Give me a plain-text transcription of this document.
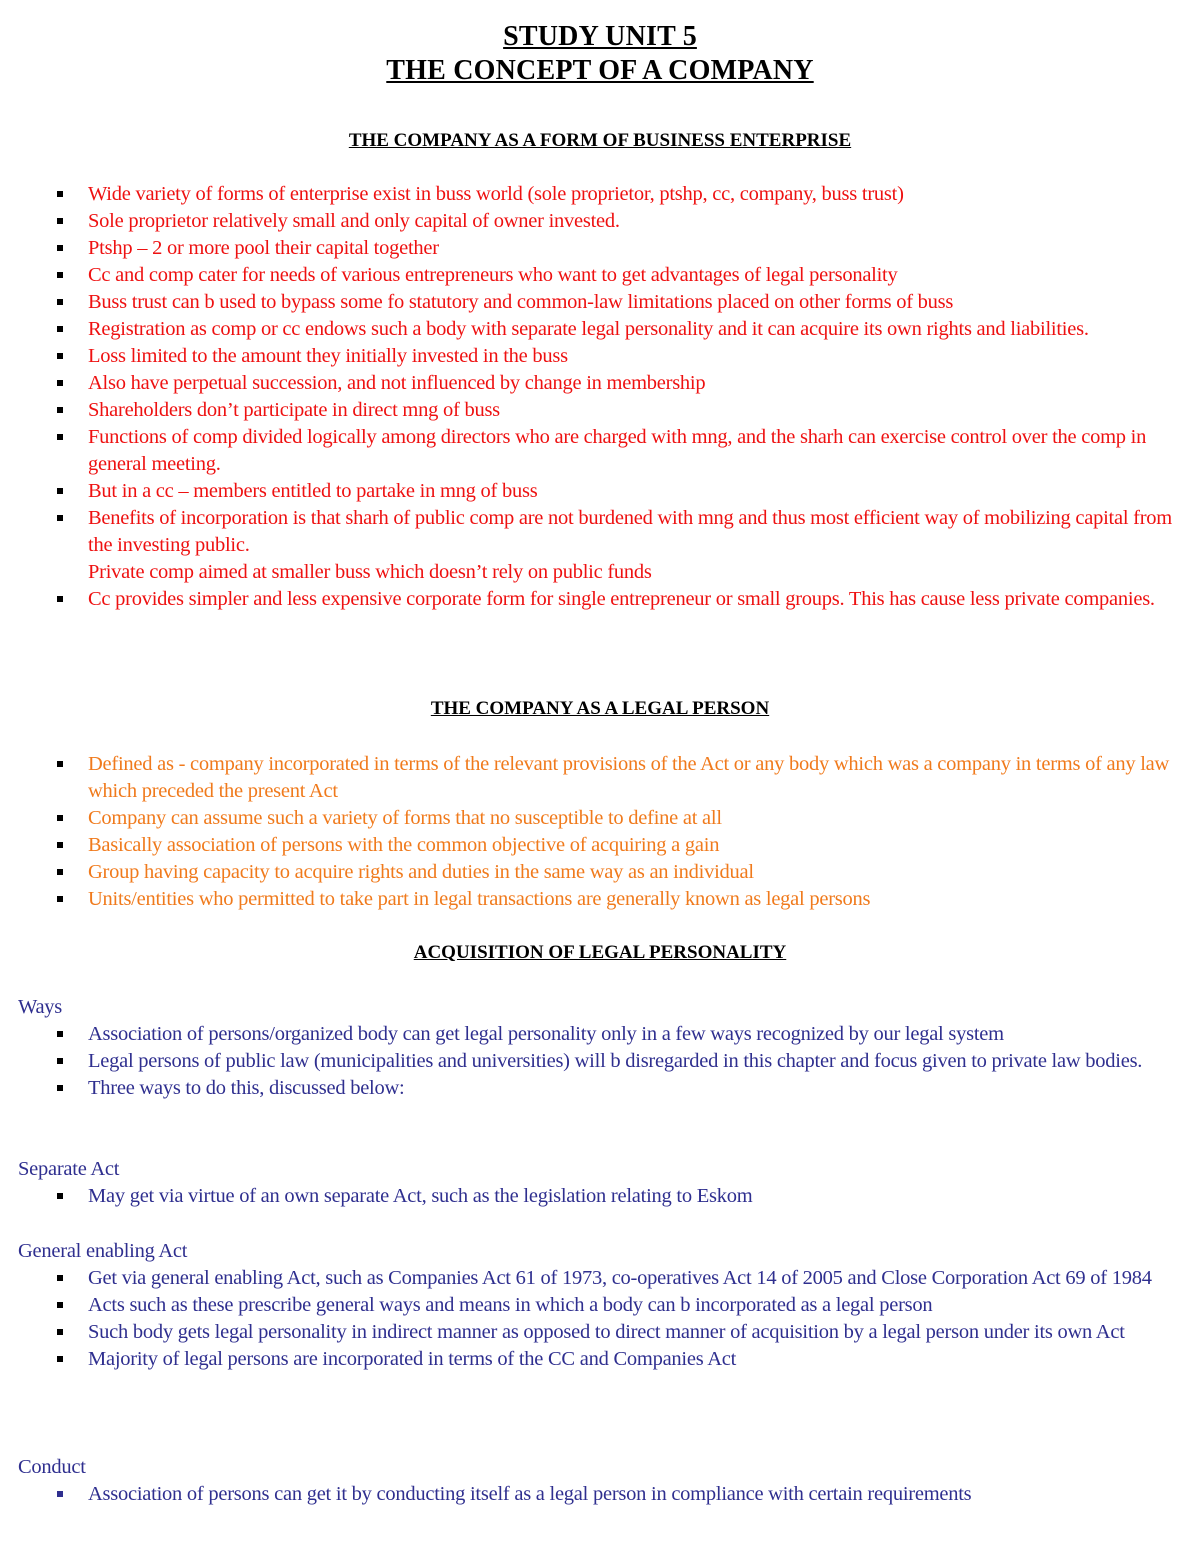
STUDY UNIT 5

THE CONCEPT OF A COMPANY

THE COMPANY AS A FORM OF BUSINESS ENTERPRISE

Wide variety of forms of enterprise exist in buss world (sole proprietor, ptshp, cc, company, buss trust)
Sole proprietor relatively small and only capital of owner invested.
Ptshp – 2 or more pool their capital together
Cc and comp cater for needs of various entrepreneurs who want to get advantages of legal personality
Buss trust can b used to bypass some fo statutory and common-law limitations placed on other forms of buss
Registration as comp or cc endows such a body with separate legal personality and it can acquire its own rights and liabilities.
Loss limited to the amount they initially invested in the buss
Also have perpetual succession, and not influenced by change in membership
Shareholders don’t participate in direct mng of buss
Functions of comp divided logically among directors who are charged with mng, and the sharh can exercise control over the comp in general meeting.
But in a cc – members entitled to partake in mng of buss
Benefits of incorporation is that sharh of public comp are not burdened with mng and thus most efficient way of mobilizing capital from the investing public.
Private comp aimed at smaller buss which doesn’t rely on public funds
Cc provides simpler and less expensive corporate form for single entrepreneur or small groups. This has cause less private companies.

THE COMPANY AS A LEGAL PERSON

Defined as - company incorporated in terms of the relevant provisions of the Act or any body which was a company in terms of any law which preceded the present Act
Company can assume such a variety of forms that no susceptible to define at all
Basically association of persons with the common objective of acquiring a gain
Group having capacity to acquire rights and duties in the same way as an individual
Units/entities who permitted to take part in legal transactions are generally known as legal persons

ACQUISITION OF LEGAL PERSONALITY

Ways

Association of persons/organized body can get legal personality only in a few ways recognized by our legal system
Legal persons of public law (municipalities and universities) will b disregarded in this chapter and focus given to private law bodies.
Three ways to do this, discussed below:

Separate Act

May get via virtue of an own separate Act, such as the legislation relating to Eskom

General enabling Act

Get via general enabling Act, such as Companies Act 61 of 1973, co-operatives Act 14 of 2005 and Close Corporation Act 69 of 1984
Acts such as these prescribe general ways and means in which a body can b incorporated as a legal person
Such body gets legal personality in indirect manner as opposed to direct manner of acquisition by a legal person under its own Act
Majority of legal persons are incorporated in terms of the CC and Companies Act

Conduct

Association of persons can get it by conducting itself as a legal person in compliance with certain requirements
